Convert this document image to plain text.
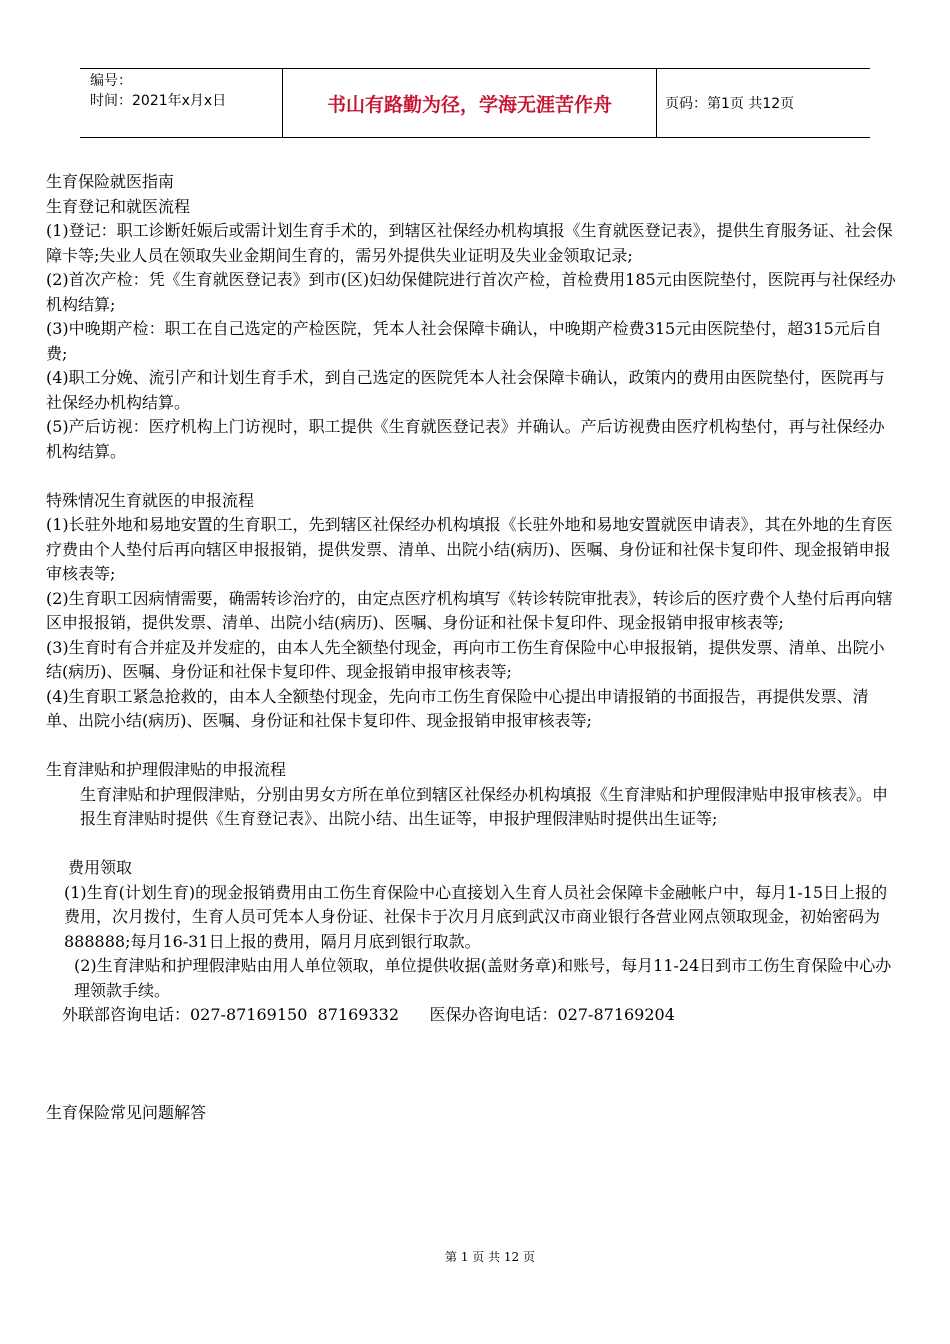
编号：
时间：2021年x月x日	书山有路勤为径，学海无涯苦作舟	页码：第1页 共12页

生育保险就医指南

生育登记和就医流程

(1)登记：职工诊断妊娠后或需计划生育手术的，到辖区社保经办机构填报《生育就医登记表》，提供生育服务证、社会保障卡等;失业人员在领取失业金期间生育的，需另外提供失业证明及失业金领取记录;

(2)首次产检：凭《生育就医登记表》到市(区)妇幼保健院进行首次产检，首检费用185元由医院垫付，医院再与社保经办机构结算;

(3)中晚期产检：职工在自己选定的产检医院，凭本人社会保障卡确认，中晚期产检费315元由医院垫付，超315元后自费;

(4)职工分娩、流引产和计划生育手术，到自己选定的医院凭本人社会保障卡确认，政策内的费用由医院垫付，医院再与社保经办机构结算。

(5)产后访视：医疗机构上门访视时，职工提供《生育就医登记表》并确认。产后访视费由医疗机构垫付，再与社保经办机构结算。

特殊情况生育就医的申报流程

(1)长驻外地和易地安置的生育职工，先到辖区社保经办机构填报《长驻外地和易地安置就医申请表》，其在外地的生育医疗费由个人垫付后再向辖区申报报销，提供发票、清单、出院小结(病历)、医嘱、身份证和社保卡复印件、现金报销申报审核表等;

(2)生育职工因病情需要，确需转诊治疗的，由定点医疗机构填写《转诊转院审批表》，转诊后的医疗费个人垫付后再向辖区申报报销，提供发票、清单、出院小结(病历)、医嘱、身份证和社保卡复印件、现金报销申报审核表等;

(3)生育时有合并症及并发症的，由本人先全额垫付现金，再向市工伤生育保险中心申报报销，提供发票、清单、出院小结(病历)、医嘱、身份证和社保卡复印件、现金报销申报审核表等;

(4)生育职工紧急抢救的，由本人全额垫付现金，先向市工伤生育保险中心提出申请报销的书面报告，再提供发票、清单、出院小结(病历)、医嘱、身份证和社保卡复印件、现金报销申报审核表等;

生育津贴和护理假津贴的申报流程

生育津贴和护理假津贴，分别由男女方所在单位到辖区社保经办机构填报《生育津贴和护理假津贴申报审核表》。申报生育津贴时提供《生育登记表》、出院小结、出生证等，申报护理假津贴时提供出生证等;

费用领取

(1)生育(计划生育)的现金报销费用由工伤生育保险中心直接划入生育人员社会保障卡金融帐户中，每月1-15日上报的费用，次月拨付，生育人员可凭本人身份证、社保卡于次月月底到武汉市商业银行各营业网点领取现金，初始密码为888888;每月16-31日上报的费用，隔月月底到银行取款。

(2)生育津贴和护理假津贴由用人单位领取，单位提供收据(盖财务章)和账号，每月11-24日到市工伤生育保险中心办理领款手续。

外联部咨询电话：027-87169150  87169332      医保办咨询电话：027-87169204

生育保险常见问题解答

第 1 页 共 12 页
